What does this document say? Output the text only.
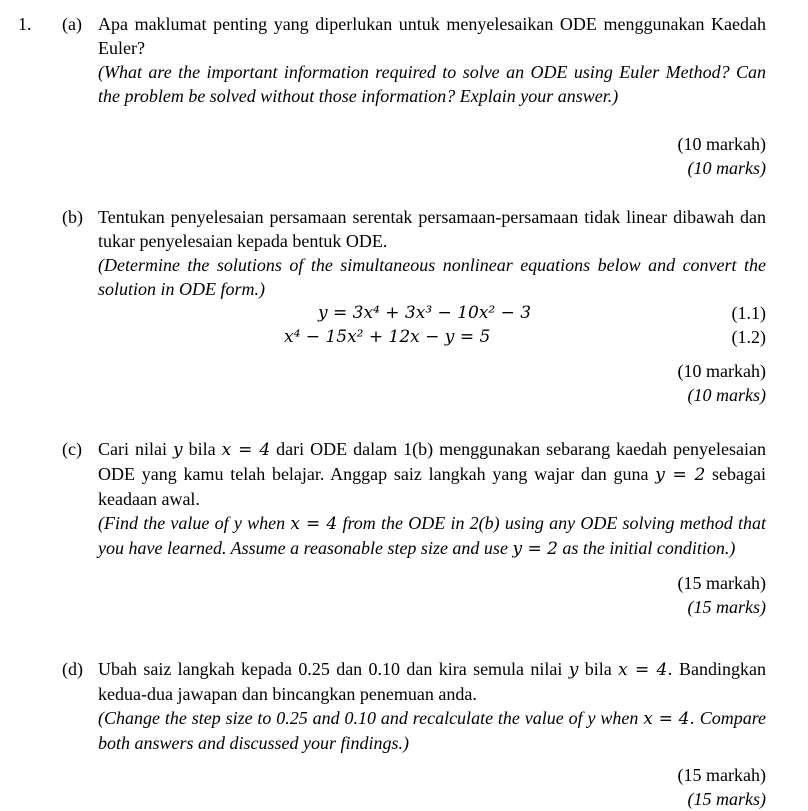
1. (a) Apa maklumat penting yang diperlukan untuk menyelesaikan ODE menggunakan Kaedah Euler?

(What are the important information required to solve an ODE using Euler Method? Can the problem be solved without those information? Explain your answer.)

(10 markah)
(10 marks)
(b) Tentukan penyelesaian persamaan serentak persamaan-persamaan tidak linear dibawah dan tukar penyelesaian kepada bentuk ODE.

(Determine the solutions of the simultaneous nonlinear equations below and convert the solution in ODE form.)

y = 3x⁴ + 3x³ − 10x² − 3	(1.1)
x⁴ − 15x² + 12x − y = 5	(1.2)
(10 markah)
(10 marks)
(c) Cari nilai y bila x = 4 dari ODE dalam 1(b) menggunakan sebarang kaedah penyelesaian ODE yang kamu telah belajar. Anggap saiz langkah yang wajar dan guna y = 2 sebagai keadaan awal.

(Find the value of y when x = 4 from the ODE in 2(b) using any ODE solving method that you have learned. Assume a reasonable step size and use y = 2 as the initial condition.)

(15 markah)
(15 marks)
(d) Ubah saiz langkah kepada 0.25 dan 0.10 dan kira semula nilai y bila x = 4. Bandingkan kedua-dua jawapan dan bincangkan penemuan anda.

(Change the step size to 0.25 and 0.10 and recalculate the value of y when x = 4. Compare both answers and discussed your findings.)

(15 markah)
(15 marks)
